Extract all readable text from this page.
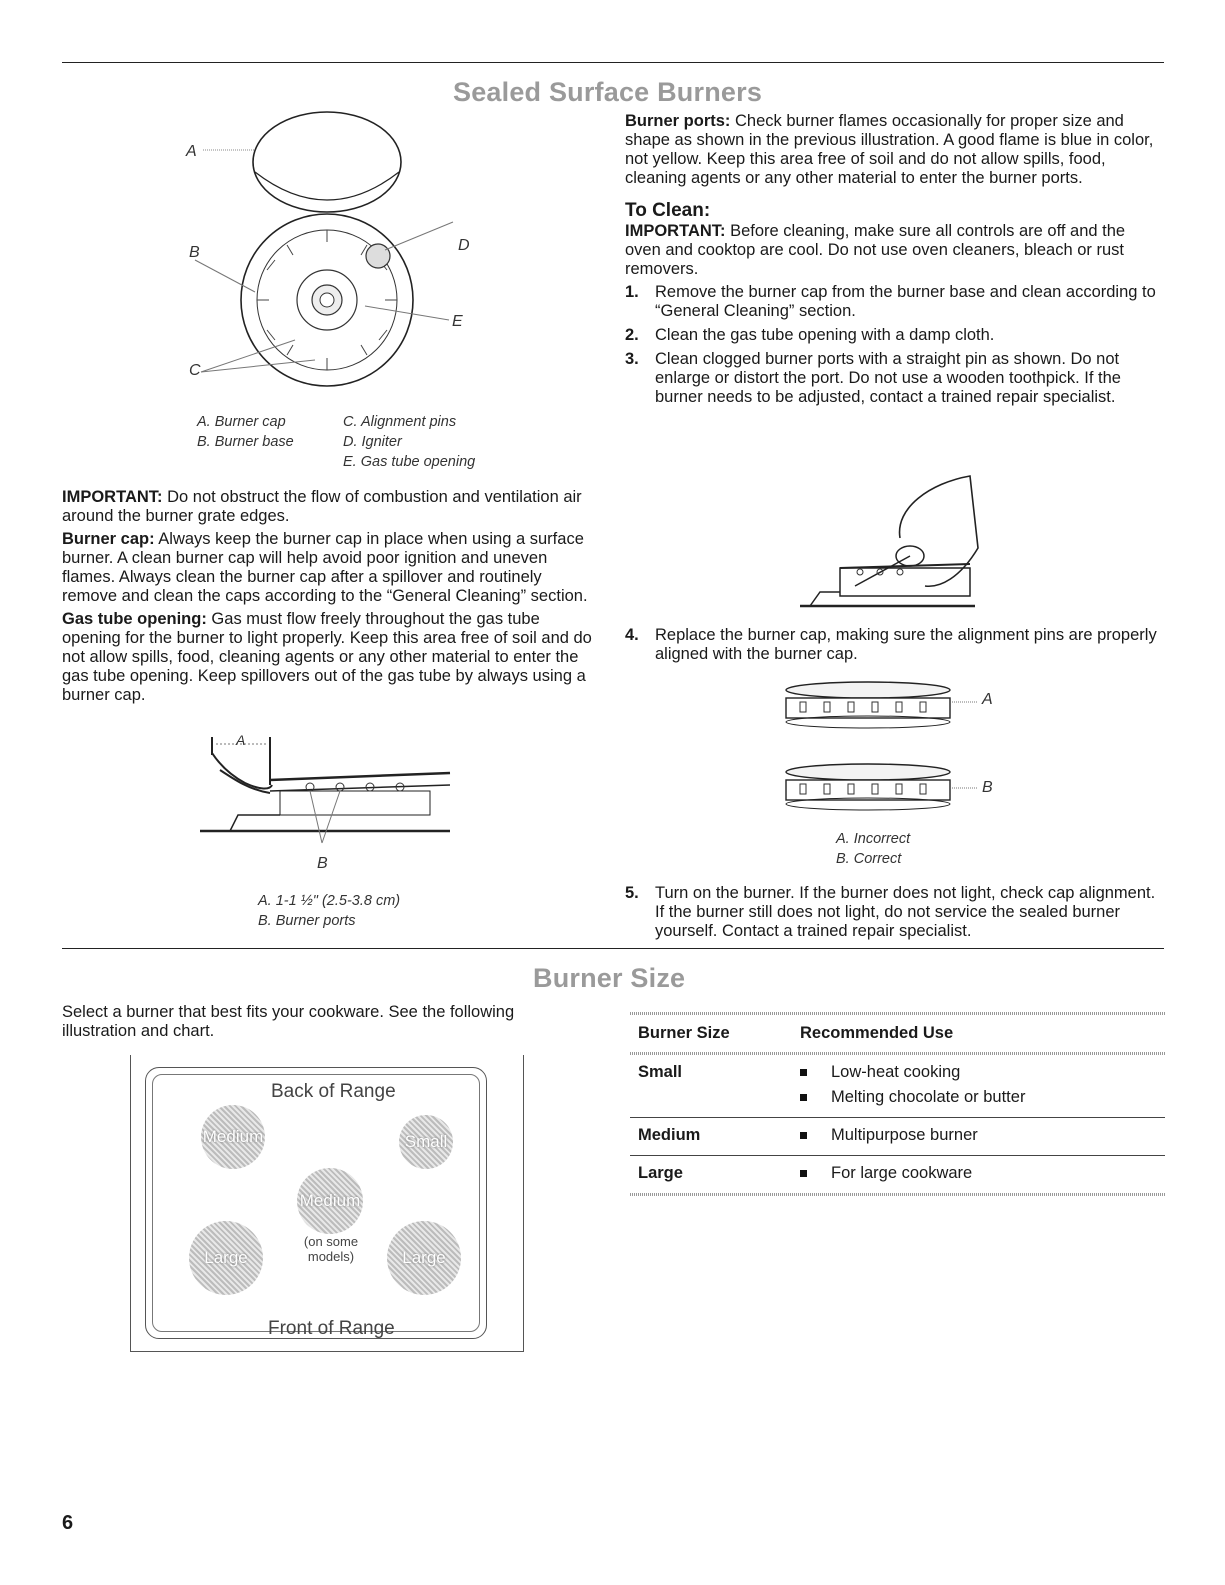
Sealed Surface Burners
A
B
C
D
E
A. Burner cap
B. Burner base
C. Alignment pins
D. Igniter
E. Gas tube opening

IMPORTANT: Do not obstruct the flow of combustion and ventilation air around the burner grate edges.

Burner cap: Always keep the burner cap in place when using a surface burner. A clean burner cap will help avoid poor ignition and uneven flames. Always clean the burner cap after a spillover and routinely remove and clean the caps according to the “General Cleaning” section.

Gas tube opening: Gas must flow freely throughout the gas tube opening for the burner to light properly. Keep this area free of soil and do not allow spills, food, cleaning agents or any other material to enter the gas tube opening. Keep spillovers out of the gas tube by always using a burner cap.

A
B
A. 1-1 ½" (2.5-3.8 cm)
B. Burner ports

Burner ports: Check burner flames occasionally for proper size and shape as shown in the previous illustration. A good flame is blue in color, not yellow. Keep this area free of soil and do not allow spills, food, cleaning agents or any other material to enter the burner ports.

To Clean:

IMPORTANT: Before cleaning, make sure all controls are off and the oven and cooktop are cool. Do not use oven cleaners, bleach or rust removers.

1. Remove the burner cap from the burner base and clean according to “General Cleaning” section.
2. Clean the gas tube opening with a damp cloth.
3. Clean clogged burner ports with a straight pin as shown. Do not enlarge or distort the port. Do not use a wooden toothpick. If the burner needs to be adjusted, contact a trained repair specialist.
4. Replace the burner cap, making sure the alignment pins are properly aligned with the burner cap.
A
B
A. Incorrect
B. Correct
5. Turn on the burner. If the burner does not light, check cap alignment. If the burner still does not light, do not service the sealed burner yourself. Contact a trained repair specialist.
Burner Size

Select a burner that best fits your cookware. See the following illustration and chart.

Back of Range
Front of Range
Medium	Small
Medium
(on some models)
Large	Large
Burner Size	Recommended Use
Small	Low-heat cooking
Melting chocolate or butter
Medium	Multipurpose burner
Large	For large cookware
6
